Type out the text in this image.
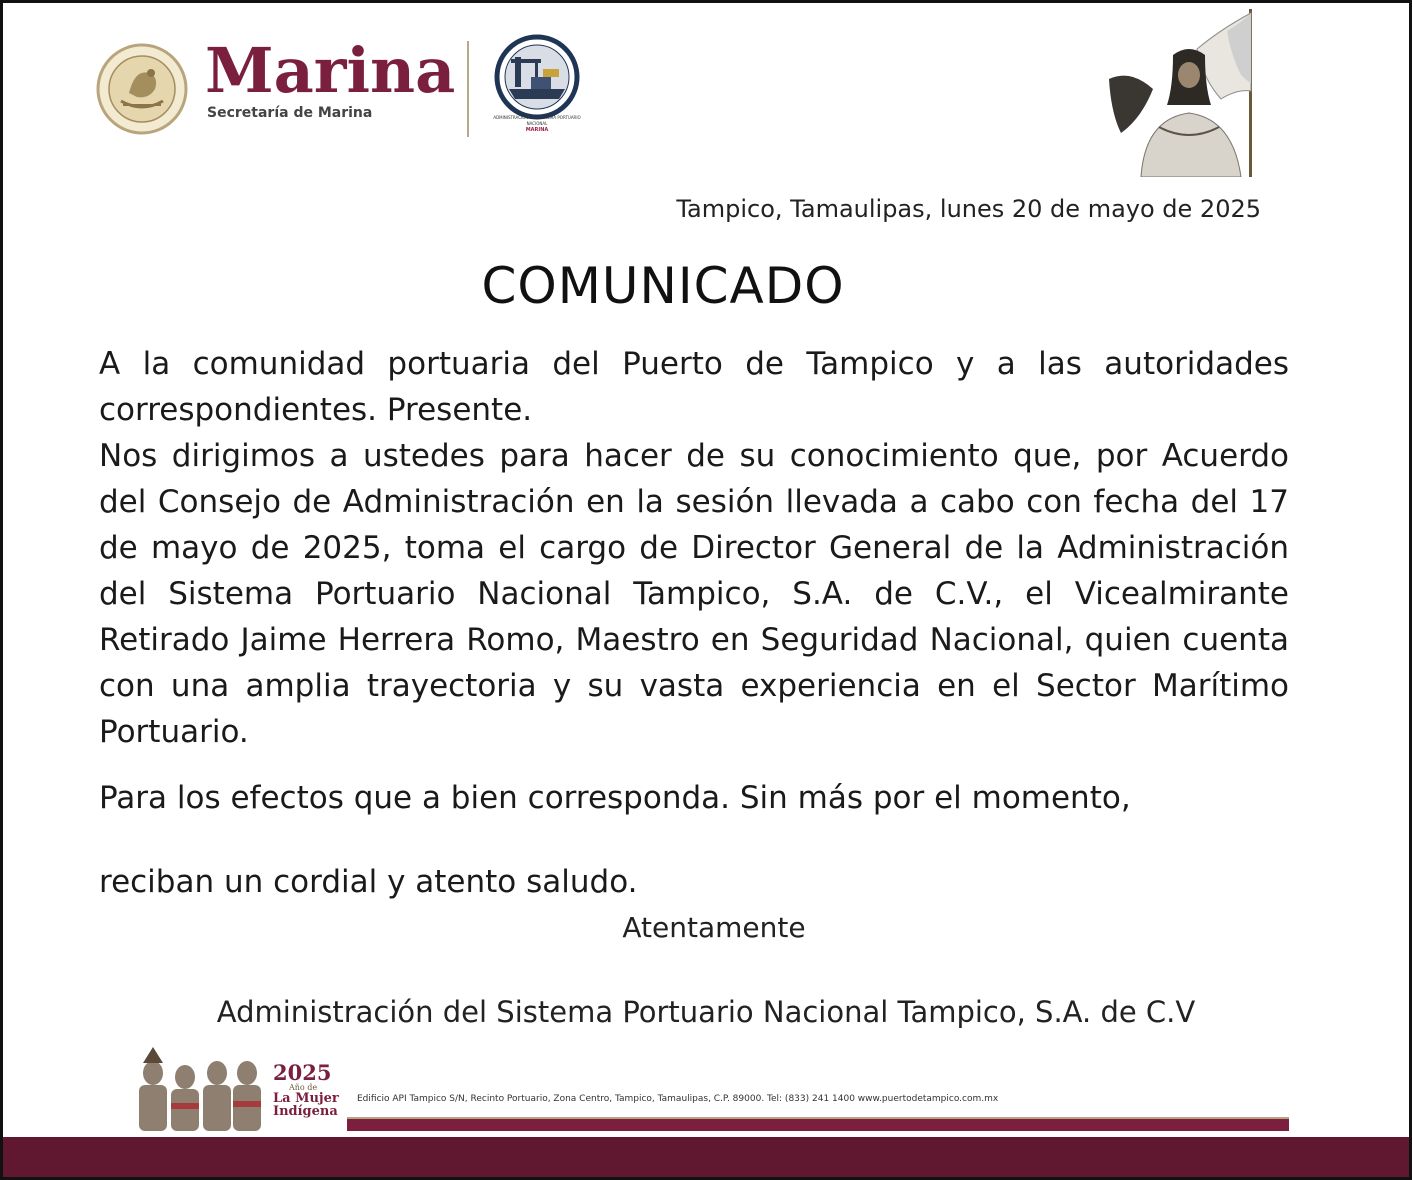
Marina
Secretaría de Marina	ADMINISTRACIÓN DEL SISTEMA PORTUARIO NACIONAL
MARINA
Tampico, Tamaulipas, lunes 20 de mayo de 2025
COMUNICADO

A la comunidad portuaria del Puerto de Tampico y a las autoridades correspondientes. Presente.

Nos dirigimos a ustedes para hacer de su conocimiento que, por Acuerdo del Consejo de Administración en la sesión llevada a cabo con fecha del 17 de mayo de 2025, toma el cargo de Director General de la Administración del Sistema Portuario Nacional Tampico, S.A. de C.V., el Vicealmirante Retirado Jaime Herrera Romo, Maestro en Seguridad Nacional, quien cuenta con una amplia trayectoria y su vasta experiencia en el Sector Marítimo Portuario.

Para los efectos que a bien corresponda. Sin más por el momento,

reciban un cordial y atento saludo.

Atentamente
Administración del Sistema Portuario Nacional Tampico, S.A. de C.V
2025
Año de
La Mujer
Indígena
Edificio API Tampico S/N, Recinto Portuario, Zona Centro, Tampico, Tamaulipas, C.P. 89000. Tel: (833) 241 1400 www.puertodetampico.com.mx
